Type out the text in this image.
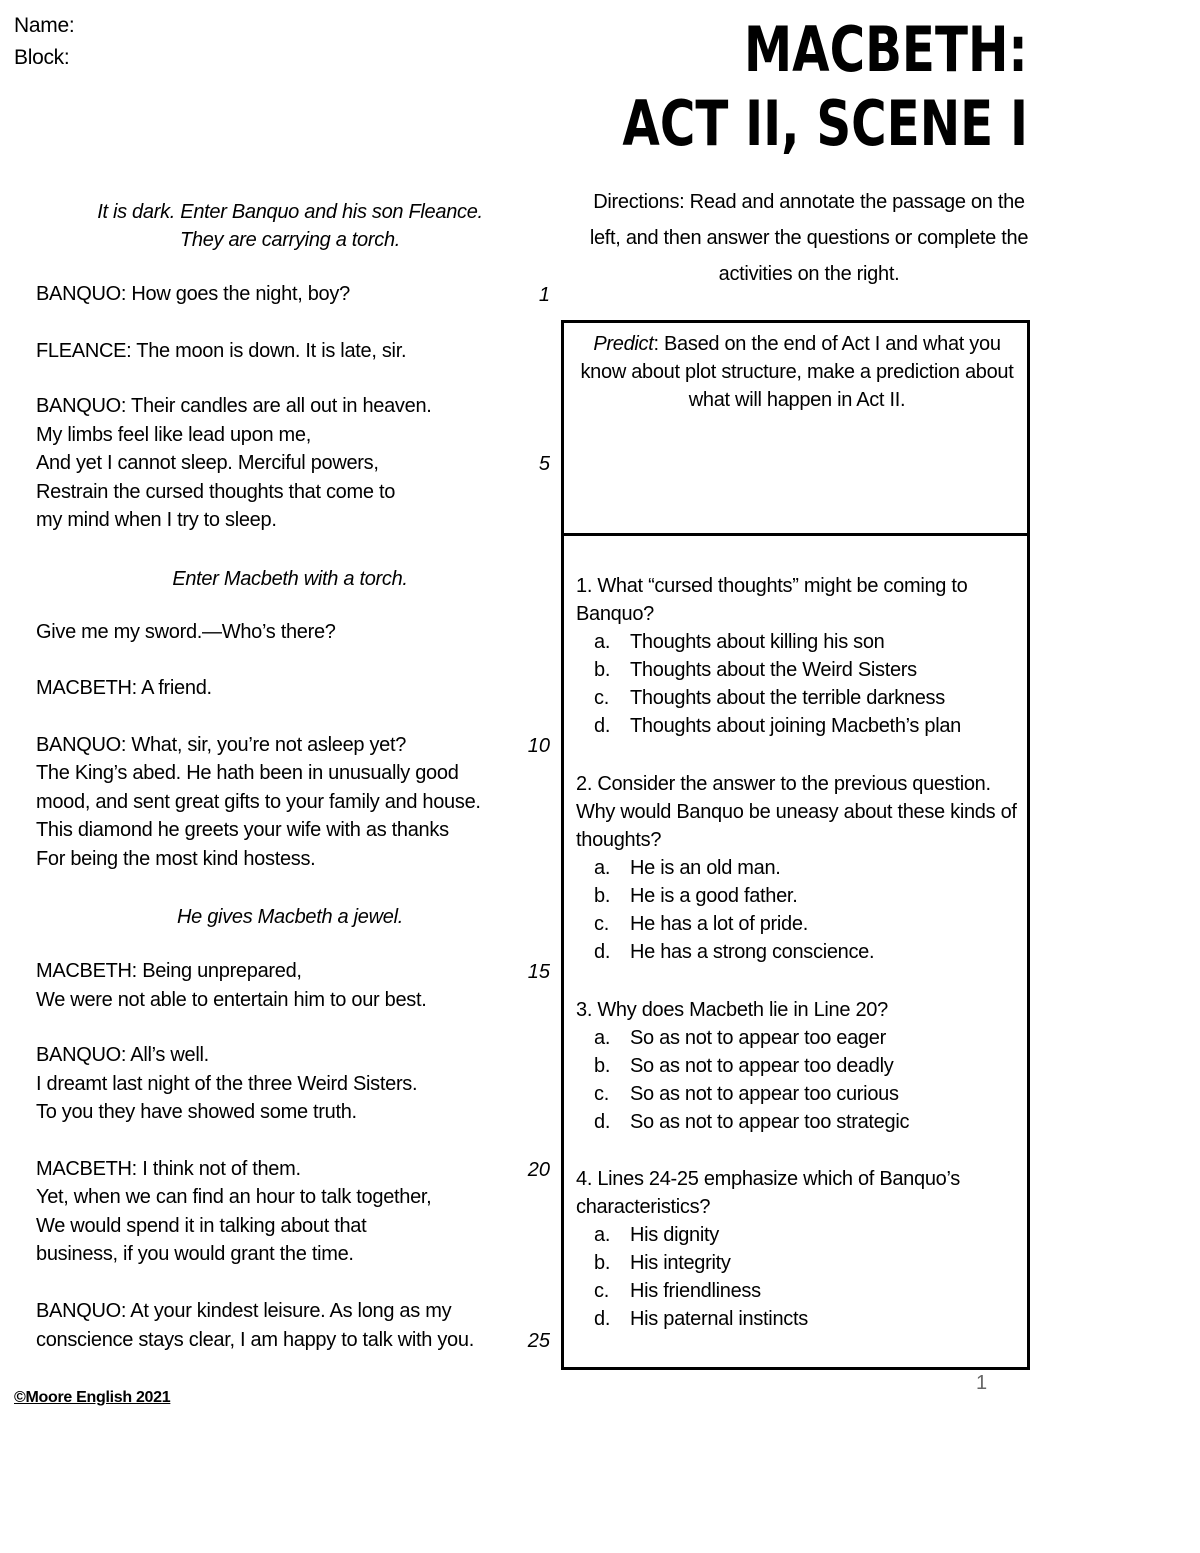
Name:
Block:	MACBETH:
ACT II, SCENE I
It is dark. Enter Banquo and his son Fleance.
They are carrying a torch.
BANQUO: How goes the night, boy?
FLEANCE: The moon is down. It is late, sir.
BANQUO: Their candles are all out in heaven.
My limbs feel like lead upon me,
And yet I cannot sleep. Merciful powers,
Restrain the cursed thoughts that come to
my mind when I try to sleep.
Enter Macbeth with a torch.
Give me my sword.—Who’s there?
MACBETH: A friend.
BANQUO: What, sir, you’re not asleep yet?
The King’s abed. He hath been in unusually good
mood, and sent great gifts to your family and house.
This diamond he greets your wife with as thanks
For being the most kind hostess.
He gives Macbeth a jewel.
MACBETH: Being unprepared,
We were not able to entertain him to our best.
BANQUO: All’s well.
I dreamt last night of the three Weird Sisters.
To you they have showed some truth.
MACBETH: I think not of them.
Yet, when we can find an hour to talk together,
We would spend it in talking about that
business, if you would grant the time.
BANQUO: At your kindest leisure. As long as my
conscience stays clear, I am happy to talk with you.
1
5
10
15
20
25
Directions: Read and annotate the passage on the left, and then answer the questions or complete the activities on the right.
Predict: Based on the end of Act I and what you know about plot structure, make a prediction about what will happen in Act II.

1. What “cursed thoughts” might be coming to Banquo?

a. Thoughts about killing his son
b. Thoughts about the Weird Sisters
c.	Thoughts about the terrible darkness
d. Thoughts about joining Macbeth’s plan

2. Consider the answer to the previous question. Why would Banquo be uneasy about these kinds of thoughts?

a. He is an old man.
b. He is a good father.
c.	He has a lot of pride.
d. He has a strong conscience.

3. Why does Macbeth lie in Line 20?

a. So as not to appear too eager
b. So as not to appear too deadly
c.	So as not to appear too curious
d. So as not to appear too strategic

4. Lines 24-25 emphasize which of Banquo’s characteristics?

a. His dignity
b. His integrity
c.	His friendliness
d. His paternal instincts
1
©Moore English 2021
